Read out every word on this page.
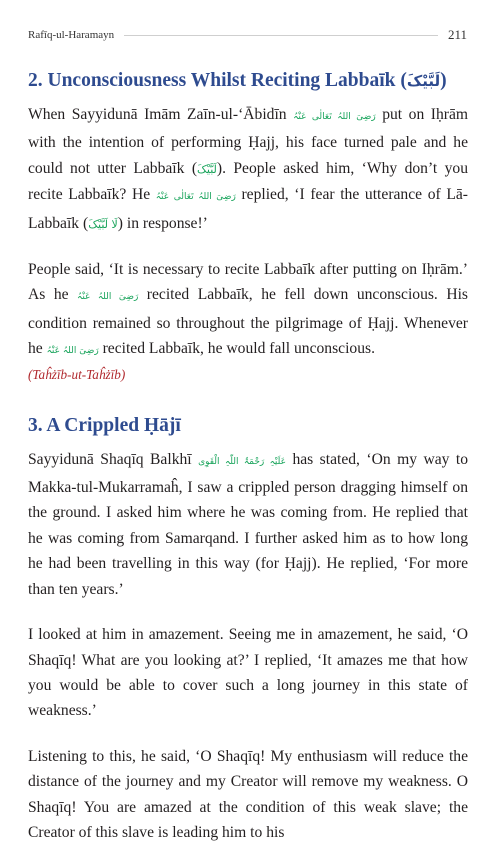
Rafīq-ul-Haramayn	211
2. Unconsciousness Whilst Reciting Labbaīk (لَبَّیْکَ)

When Sayyidunā Imām Zaīn-ul-‘Ābidīn رَضِیَ اللہُ تَعَالٰی عَنْہُ put on Iḥrām with the intention of performing Ḥajj, his face turned pale and he could not utter Labbaīk (لَبَّیْکَ). People asked him, ‘Why don’t you recite Labbaīk? He رَضِیَ اللہُ تَعَالٰی عَنْہُ replied, ‘I fear the utterance of Lā-Labbaīk (لَا لَبَّیْکَ) in response!’

People said, ‘It is necessary to recite Labbaīk after putting on Iḥrām.’ As he رَضِیَ اللہُ عَنْہُ recited Labbaīk, he fell down unconscious. His condition remained so throughout the pilgrimage of Ḥajj. Whenever he رَضِیَ اللہُ عَنْہُ recited Labbaīk, he would fall unconscious.

(Taĥżīb-ut-Taĥżīb)

3. A Crippled Ḥājī

Sayyidunā Shaqīq Balkhī عَلَیْہِ رَحْمَۃُ اللّٰہِ الْقَوِی has stated, ‘On my way to Makka-tul-Mukarramaĥ, I saw a crippled person dragging himself on the ground. I asked him where he was coming from. He replied that he was coming from Samarqand. I further asked him as to how long he had been travelling in this way (for Ḥajj). He replied, ‘For more than ten years.’

I looked at him in amazement. Seeing me in amazement, he said, ‘O Shaqīq! What are you looking at?’ I replied, ‘It amazes me that how you would be able to cover such a long journey in this state of weakness.’

Listening to this, he said, ‘O Shaqīq! My enthusiasm will reduce the distance of the journey and my Creator will remove my weakness. O Shaqīq! You are amazed at the condition of this weak slave; the Creator of this slave is leading him to his
